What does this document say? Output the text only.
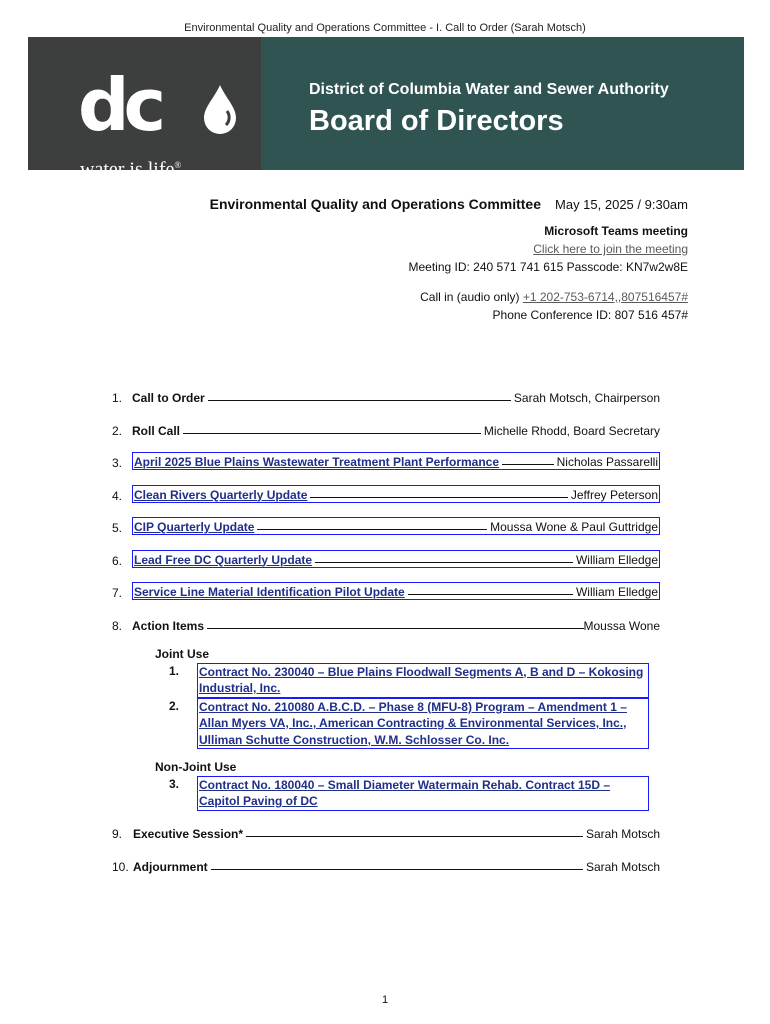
Environmental Quality and Operations Committee - I. Call to Order (Sarah Motsch)
dc
water is life®
District of Columbia Water and Sewer Authority
Board of Directors
Environmental Quality and Operations Committee May 15, 2025 / 9:30am
Microsoft Teams meeting
Click here to join the meeting
Meeting ID: 240 571 741 615 Passcode: KN7w2w8E
Call in (audio only) +1 202-753-6714,,807516457#
Phone Conference ID: 807 516 457#
1. Call to Order	Sarah Motsch, Chairperson
2. Roll Call	Michelle Rhodd, Board Secretary
3. April 2025 Blue Plains Wastewater Treatment Plant Performance	Nicholas Passarelli
4. Clean Rivers Quarterly Update	Jeffrey Peterson
5. CIP Quarterly Update	Moussa Wone & Paul Guttridge
6. Lead Free DC Quarterly Update	William Elledge
7. Service Line Material Identification Pilot Update	William Elledge
8. Action Items	Moussa Wone
Joint Use
1.	Contract No. 230040 – Blue Plains Floodwall Segments A, B and D – Kokosing Industrial, Inc.
2.	Contract No. 210080 A.B.C.D. – Phase 8 (MFU-8) Program – Amendment 1 – Allan Myers VA, Inc., American Contracting & Environmental Services, Inc., Ulliman Schutte Construction, W.M. Schlosser Co. Inc.
Non-Joint Use
3.	Contract No. 180040 – Small Diameter Watermain Rehab. Contract 15D – Capitol Paving of DC
9. Executive Session*	Sarah Motsch
10. Adjournment	Sarah Motsch
1
